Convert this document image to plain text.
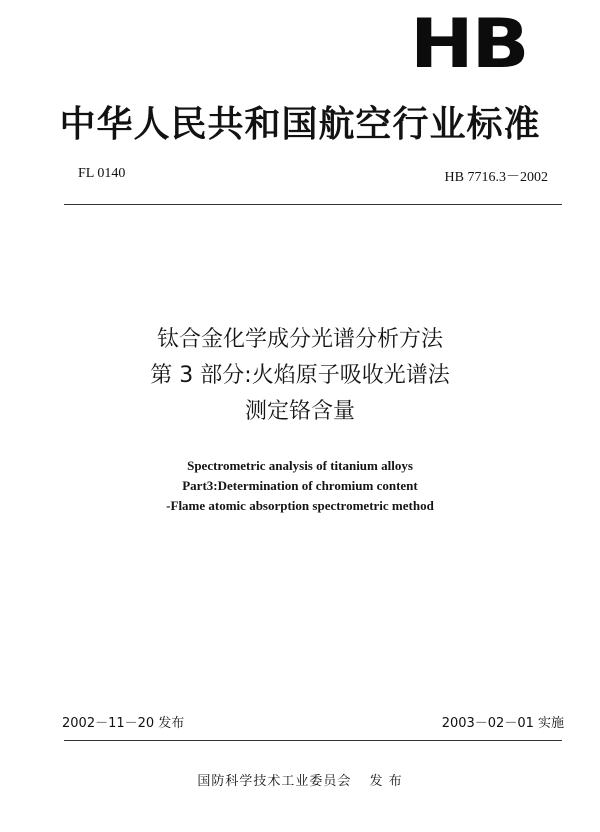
HB
中华人民共和国航空行业标准
FL 0140	HB 7716.3－2002
钛合金化学成分光谱分析方法
第 3 部分:火焰原子吸收光谱法
测定铬含量
Spectrometric analysis of titanium alloys
Part3:Determination of chromium content
-Flame atomic absorption spectrometric method
2002－11－20 发布	2003－02－01 实施
国防科学技术工业委员会 发 布
